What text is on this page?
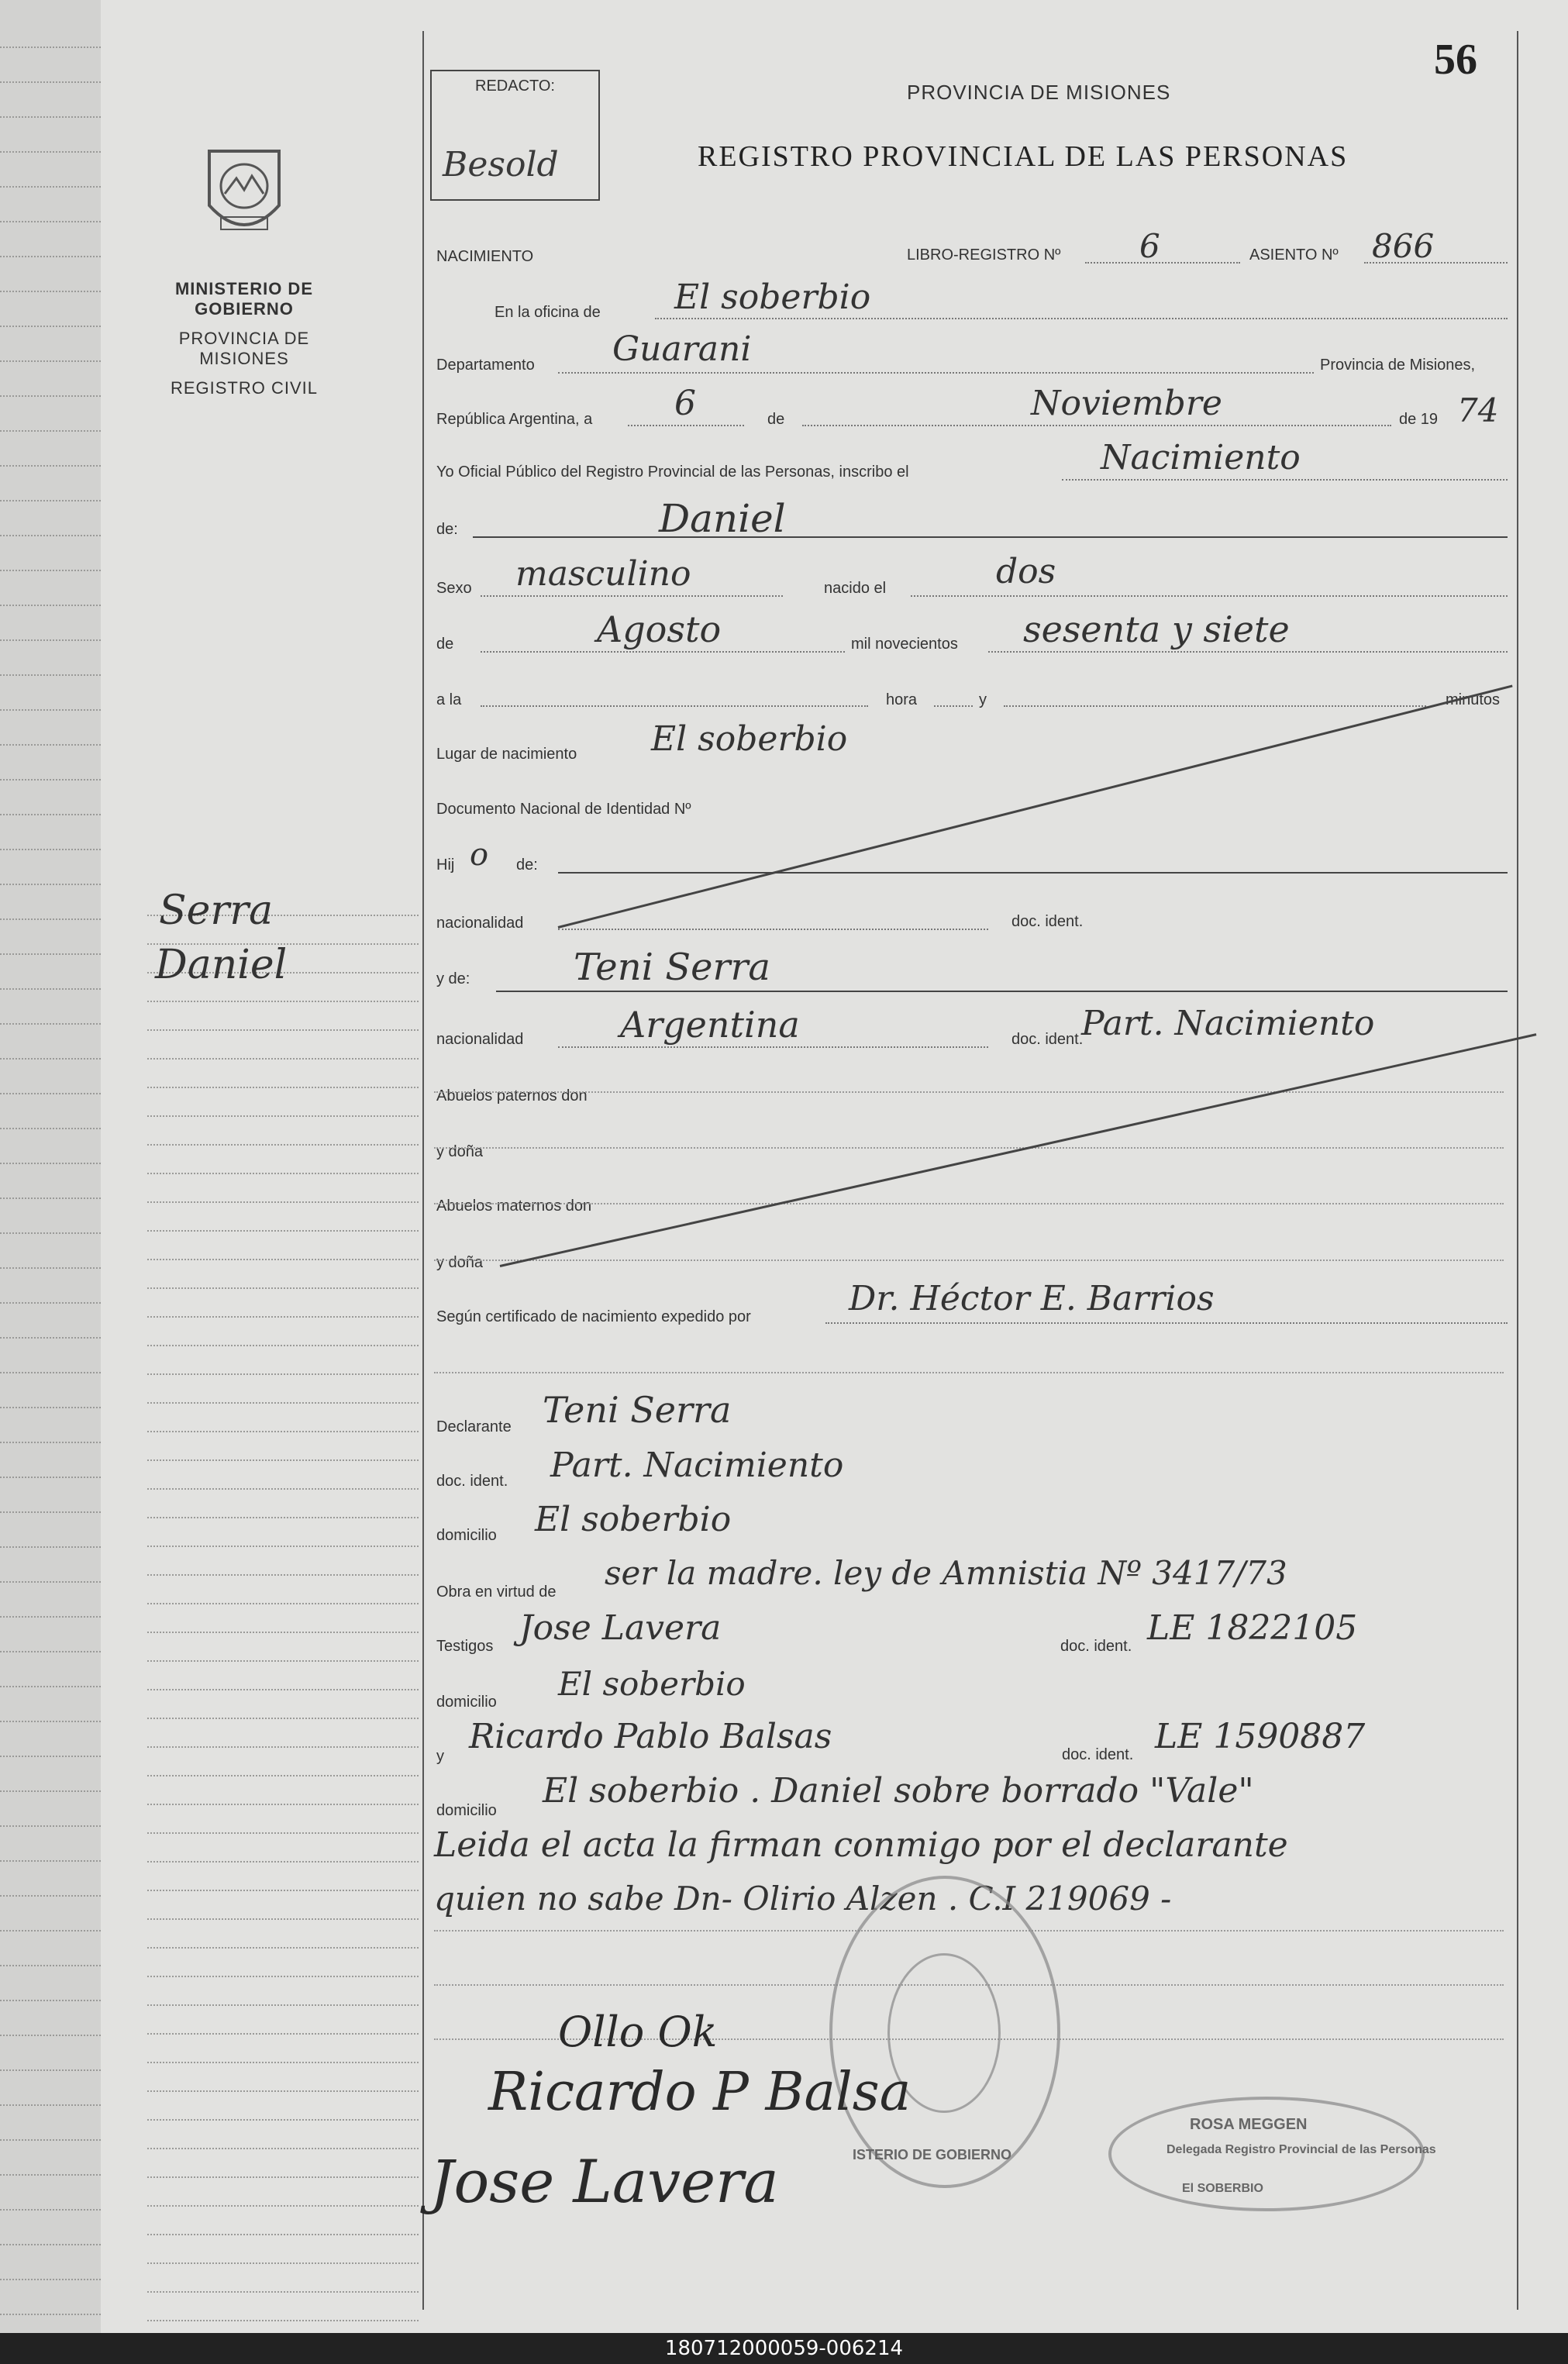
MINISTERIO DE GOBIERNO
PROVINCIA DE MISIONES
REGISTRO CIVIL
REDACTO:
Besold
PROVINCIA DE MISIONES
REGISTRO PROVINCIAL DE LAS PERSONAS
56
NACIMIENTO	LIBRO-REGISTRO Nº 6	ASIENTO Nº 866
En la oficina de El soberbio
Departamento Guarani	Provincia de Misiones,
República Argentina, a 6	de	Noviembre	de 19 74
Yo Oficial Público del Registro Provincial de las Personas, inscribo el	Nacimiento
de:	Daniel
Sexo masculino	nacido el	dos
de	Agosto	mil novecientos sesenta y siete
a la	hora	y	minutos
Lugar de nacimiento El soberbio
Documento Nacional de Identidad Nº
Hij o de:
nacionalidad	doc. ident.
y de:	Teni Serra
nacionalidad	Argentina	doc. ident.
Part. Nacimiento
Abuelos paternos don
y doña
Abuelos maternos don
y doña
Según certificado de nacimiento expedido por	Dr. Héctor E. Barrios
Declarante Teni Serra
doc. ident. Part. Nacimiento
domicilio El soberbio
Obra en virtud de ser la madre. ley de Amnistia Nº 3417/73
Testigos Jose Lavera	doc. ident. LE 1822105
domicilio El soberbio
y Ricardo Pablo Balsas	doc. ident. LE 1590887
domicilio El soberbio . Daniel sobre borrado "Vale"
Leida el acta la firman conmigo por el declarante
quien no sabe Dn- Olirio Alzen . C.I 219069 -
Serra
Daniel
ISTERIO DE GOBIERNO
ROSA MEGGEN
Delegada Registro Provincial de las Personas
El SOBERBIO
Ollo Ok
Ricardo P Balsa
Jose Lavera
180712000059-006214
